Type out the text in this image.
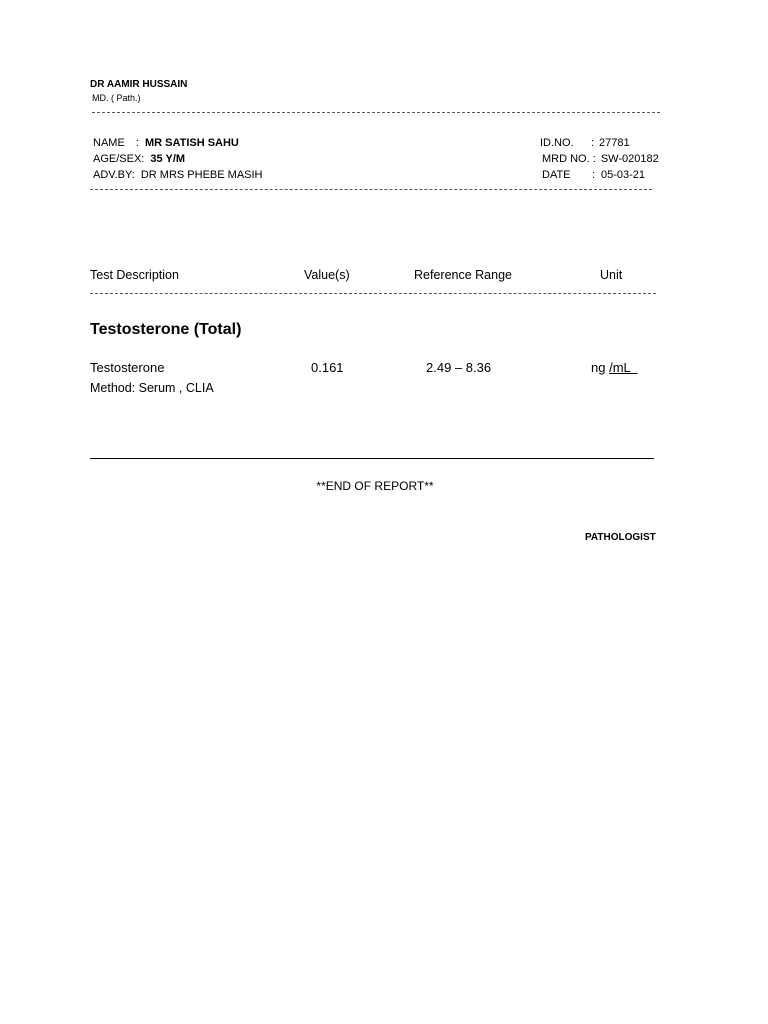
DR AAMIR HUSSAIN
MD. ( Path.)
NAME : MR SATISH SAHU
AGE/SEX: 35 Y/M
ADV.BY: DR MRS PHEBE MASIH
ID.NO. : 27781
MRD NO. : SW-020182
DATE : 05-03-21
Test Description	Value(s)	Reference Range	Unit
Testosterone (Total)
Testosterone	0.161	2.49 – 8.36	ng /mL
Method: Serum , CLIA
**END OF REPORT**
PATHOLOGIST
